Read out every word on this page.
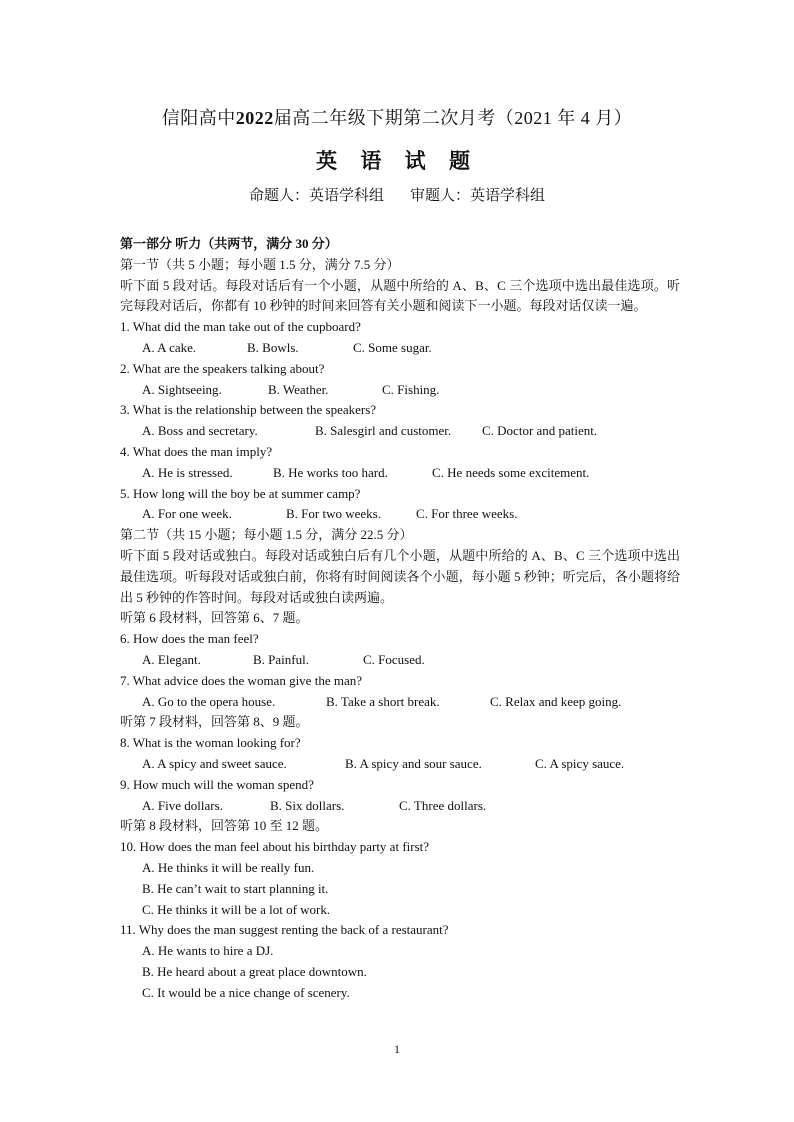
信阳高中2022届高二年级下期第二次月考（2021 年 4 月）
英 语 试 题
命题人：英语学科组 审题人：英语学科组
第一部分 听力（共两节，满分 30 分）
第一节（共 5 小题；每小题 1.5 分，满分 7.5 分）
听下面 5 段对话。每段对话后有一个小题，从题中所给的 A、B、C 三个选项中选出最佳选项。听完每段对话后，你都有 10 秒钟的时间来回答有关小题和阅读下一小题。每段对话仅读一遍。
1. What did the man take out of the cupboard?
A. A cake.	B. Bowls.	C. Some sugar.
2. What are the speakers talking about?
A. Sightseeing.	B. Weather.	C. Fishing.
3. What is the relationship between the speakers?
A. Boss and secretary.	B. Salesgirl and customer.	C. Doctor and patient.
4. What does the man imply?
A. He is stressed.	B. He works too hard.	C. He needs some excitement.
5. How long will the boy be at summer camp?
A. For one week.	B. For two weeks.	C. For three weeks.
第二节（共 15 小题；每小题 1.5 分，满分 22.5 分）
听下面 5 段对话或独白。每段对话或独白后有几个小题，从题中所给的 A、B、C 三个选项中选出最佳选项。听每段对话或独白前，你将有时间阅读各个小题，每小题 5 秒钟；听完后，各小题将给出 5 秒钟的作答时间。每段对话或独白读两遍。
听第 6 段材料，回答第 6、7 题。
6. How does the man feel?
A. Elegant.	B. Painful.	C. Focused.
7. What advice does the woman give the man?
A. Go to the opera house.	B. Take a short break.	C. Relax and keep going.
听第 7 段材料，回答第 8、9 题。
8. What is the woman looking for?
A. A spicy and sweet sauce.	B. A spicy and sour sauce.	C. A spicy sauce.
9. How much will the woman spend?
A. Five dollars.	B. Six dollars.	C. Three dollars.
听第 8 段材料，回答第 10 至 12 题。
10. How does the man feel about his birthday party at first?
A. He thinks it will be really fun.
B. He can’t wait to start planning it.
C. He thinks it will be a lot of work.
11. Why does the man suggest renting the back of a restaurant?
A. He wants to hire a DJ.
B. He heard about a great place downtown.
C. It would be a nice change of scenery.
1
